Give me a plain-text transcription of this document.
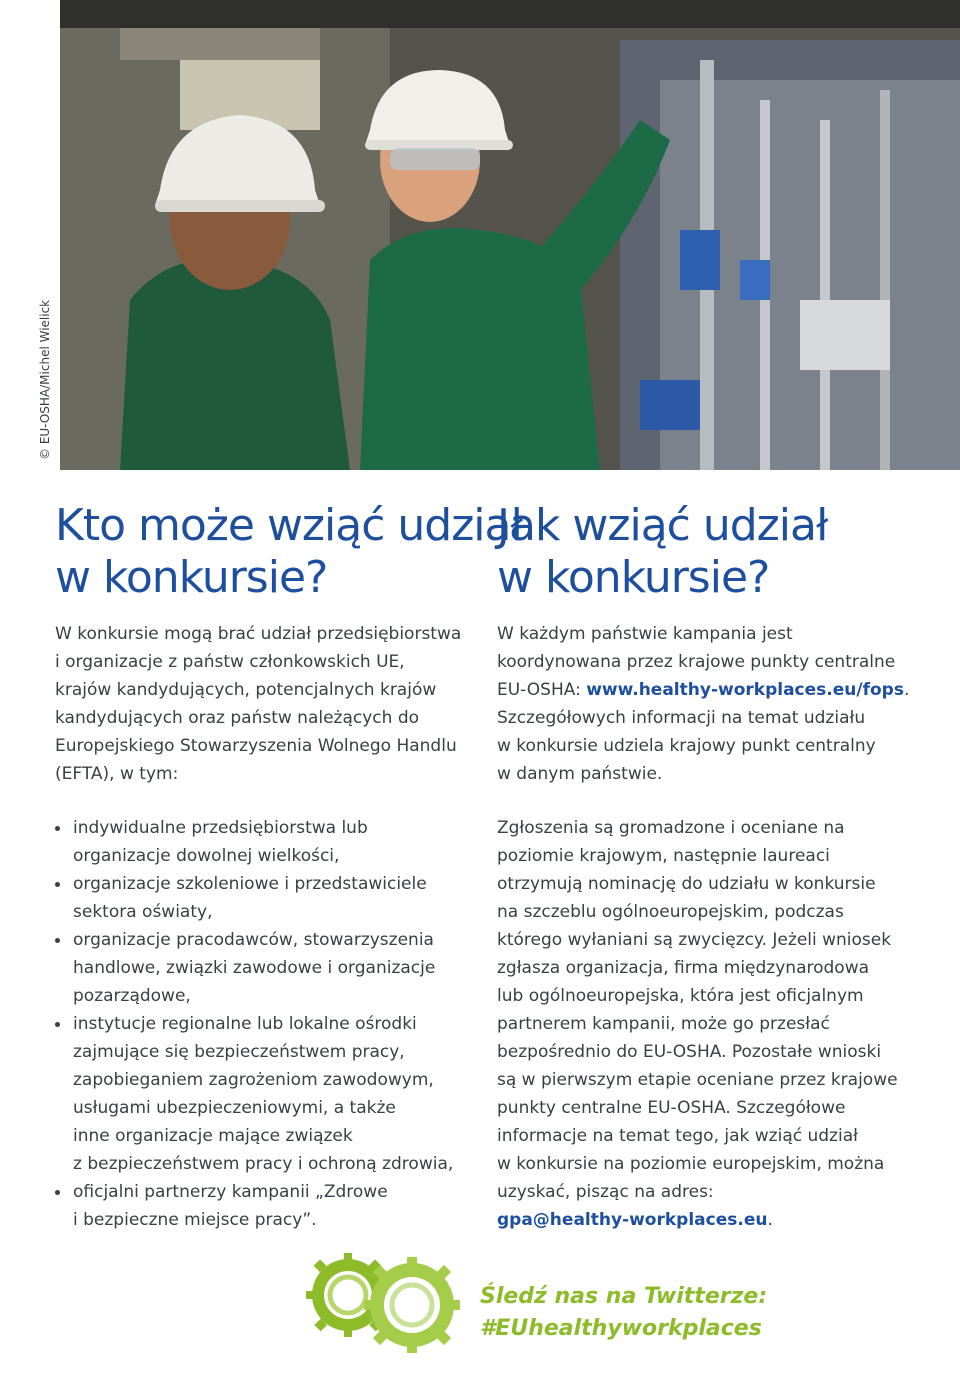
© EU-OSHA/Michel Wielick
Kto może wziąć udział
w konkursie?
W konkursie mogą brać udział przedsiębiorstwa
i organizacje z państw członkowskich UE,
krajów kandydujących, potencjalnych krajów
kandydujących oraz państw należących do
Europejskiego Stowarzyszenia Wolnego Handlu
(EFTA), w tym:
indywidualne przedsiębiorstwa lub
organizacje dowolnej wielkości,
organizacje szkoleniowe i przedstawiciele
sektora oświaty,
organizacje pracodawców, stowarzyszenia
handlowe, związki zawodowe i organizacje
pozarządowe,
instytucje regionalne lub lokalne ośrodki
zajmujące się bezpieczeństwem pracy,
zapobieganiem zagrożeniom zawodowym,
usługami ubezpieczeniowymi, a także
inne organizacje mające związek
z bezpieczeństwem pracy i ochroną zdrowia,
oficjalni partnerzy kampanii „Zdrowe
i bezpieczne miejsce pracy”.
Jak wziąć udział
w konkursie?
W każdym państwie kampania jest
koordynowana przez krajowe punkty centralne
EU-OSHA: www.healthy-workplaces.eu/fops.
Szczegółowych informacji na temat udziału
w konkursie udziela krajowy punkt centralny
w danym państwie.
Zgłoszenia są gromadzone i oceniane na
poziomie krajowym, następnie laureaci
otrzymują nominację do udziału w konkursie
na szczeblu ogólnoeuropejskim, podczas
którego wyłaniani są zwycięzcy. Jeżeli wniosek
zgłasza organizacja, firma międzynarodowa
lub ogólnoeuropejska, która jest oficjalnym
partnerem kampanii, może go przesłać
bezpośrednio do EU-OSHA. Pozostałe wnioski
są w pierwszym etapie oceniane przez krajowe
punkty centralne EU-OSHA. Szczegółowe
informacje na temat tego, jak wziąć udział
w konkursie na poziomie europejskim, można
uzyskać, pisząc na adres:
gpa@healthy-workplaces.eu.
Śledź nas na Twitterze:
#EUhealthyworkplaces
